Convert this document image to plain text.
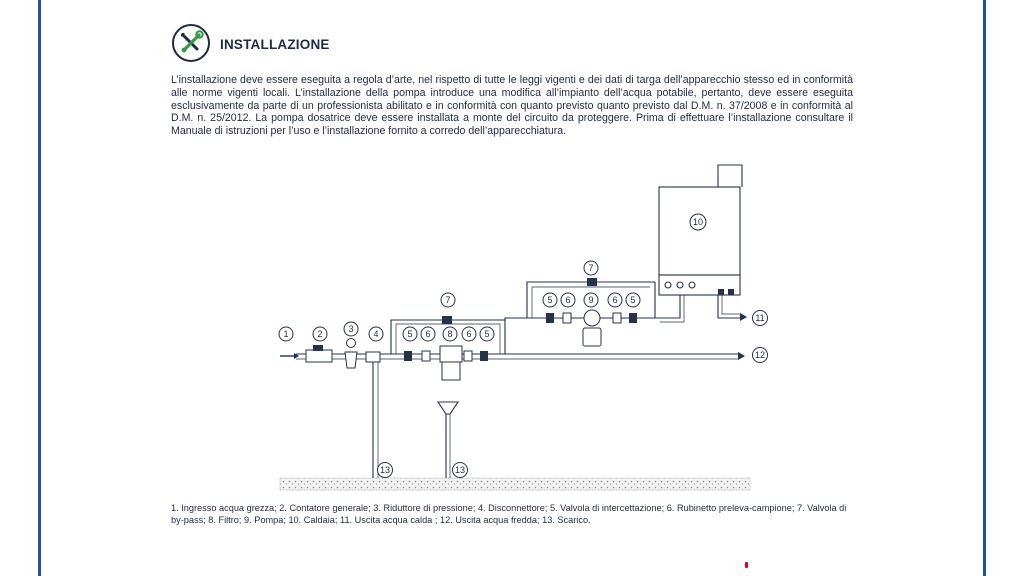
INSTALLAZIONE
L’installazione deve essere eseguita a regola d’arte, nel rispetto di tutte le leggi vigenti e dei dati di targa dell’apparecchio stesso ed in conformità alle norme vigenti locali. L’installazione della pompa introduce una modifica all’impianto dell’acqua potabile, pertanto, deve essere eseguita esclusivamente da parte di un professionista abilitato e in conformità con quanto previsto quanto previsto dal D.M. n. 37/2008 e in conformità al D.M. n. 25/2012. La pompa dosatrice deve essere installata a monte del circuito da proteggere. Prima di effettuare l’installazione consultare il Manuale di istruzioni per l’uso e l’installazione fornito a corredo dell’apparecchiatura.
1	2	3 4	5 6 8 6 5
7
7
5 6 9 6 5
10
11
12
13	13
1. Ingresso acqua grezza; 2. Contatore generale; 3. Riduttore di pressione; 4. Disconnettore; 5. Valvola di intercettazione; 6. Rubinetto preleva-campione; 7. Valvola di by-pass; 8. Filtro; 9. Pompa; 10. Caldaia; 11. Uscita acqua calda ; 12. Uscita acqua fredda; 13. Scarico.
